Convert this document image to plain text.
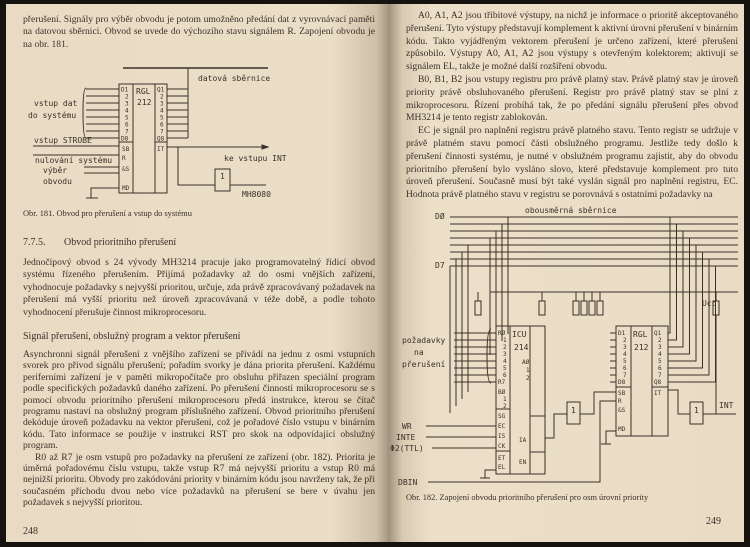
přerušení. Signály pro výběr obvodu je potom umožněno předání dat z vyrovnávací paměti na datovou sběrnici. Obvod se uvede do výchozího stavu signálem R. Zapojení obvodu je na obr. 181.

datová sběrnice
RGL
212
D1
2
3
4
5
6
7
D8
Q1
2
3
4
5
6
7
Q8
vstup dat
do systému
vstup STROBE
nulování systému
výběr
obvodu
SB
R
&S
MD
IT
ke vstupu INT
1
MH8080
Obr. 181. Obvod pro přerušení a vstup do systému
7.7.5. Obvod prioritního přerušení

Jednočipový obvod s 24 vývody MH3214 pracuje jako programovatelný řídicí obvod systému řízeného přerušením. Přijímá požadavky až do osmi vnějších zařízení, vyhodnocuje požadavky s nejvyšší prioritou, určuje, zda právě zpracovávaný požadavek na přerušení má vyšší prioritu než úroveň zpracovávaná v téže době, a podle tohoto vyhodnocení přerušuje činnost mikroprocesoru.

Signál přerušení, obslužný program a vektor přerušení

Asynchronní signál přerušení z vnějšího zařízení se přivádí na jednu z osmi vstupních svorek pro přívod signálu přerušení; pořadím svorky je dána priorita přerušení. Každému periferními zařízení je v paměti mikropočítače pro obsluhu přiřazen speciální program podle specifických požadavků daného zařízení. Po přerušení činnosti mikroprocesoru se s pomocí obvodu prioritního přerušení mikroprocesoru předá instrukce, kterou se čítač programu nastaví na obslužný program příslušného zařízení. Obvod prioritního přerušení dekóduje úroveň požadavku na vektor přerušení, což je pořadové číslo vstupu v binárním kódu. Tato informace se použije v instrukci RST pro skok na odpovídající obslužný program.

R0 až R7 je osm vstupů pro požadavky na přerušení ze zařízení (obr. 182). Priorita je úměrná pořadovému číslu vstupu, takže vstup R7 má nejvyšší prioritu a vstup R0 má nejnižší prioritu. Obvody pro zakódování priority v binárním kódu jsou navrženy tak, že při současném příchodu dvou nebo více požadavků na přerušení se bere v úvahu jen požadavek s nejvyšší prioritou.

248

A0, A1, A2 jsou třibitové výstupy, na nichž je informace o prioritě akceptovaného přerušení. Tyto výstupy představují komplement k aktivní úrovni přerušení v binárním kódu. Takto vyjádřeným vektorem přerušení je určeno zařízení, které přerušení způsobilo. Výstupy A0, A1, A2 jsou výstupy s otevřeným kolektorem; aktivují se signálem EL, takže je možné další rozšíření obvodu.

B0, B1, B2 jsou vstupy registru pro právě platný stav. Právě platný stav je úroveň priority právě obsluhovaného přerušení. Registr pro právě platný stav se plní z mikroprocesoru. Řízení probíhá tak, že po předání signálu přerušení přes obvod MH3214 je tento registr zablokován.

EC je signál pro naplnění registru právě platného stavu. Tento registr se udržuje v právě platném stavu pomocí části obslužného programu. Jestliže tedy došlo k přerušení činnosti systému, je nutné v obslužném programu zajistit, aby do obvodu prioritního přerušení bylo vysláno slovo, které představuje komplement pro tuto úroveň přerušení. Současně musí být také vyslán signál pro naplnění registru, EC. Hodnota právě platného stavu v registru se porovnává s ostatními požadavky na

obousměrná sběrnice
DØ
D7
Ucc
ICU
214
RØ
1
2
3
4
5
6
R7
BØ
1
2
SG
EC
IS
CK
ET
EL
AØ
1
2
IA
EN
požadavky
na
přerušení
RGL
212
D1
2
3
4
5
6
7
D8
SB
R
&S
MD
Q1
2
3
4
5
6
7
Q8
IT
WR
INTE
Φ2(TTL)
DBIN
1	1
INT
Obr. 182. Zapojení obvodu prioritního přerušení pro osm úrovní priority
249
